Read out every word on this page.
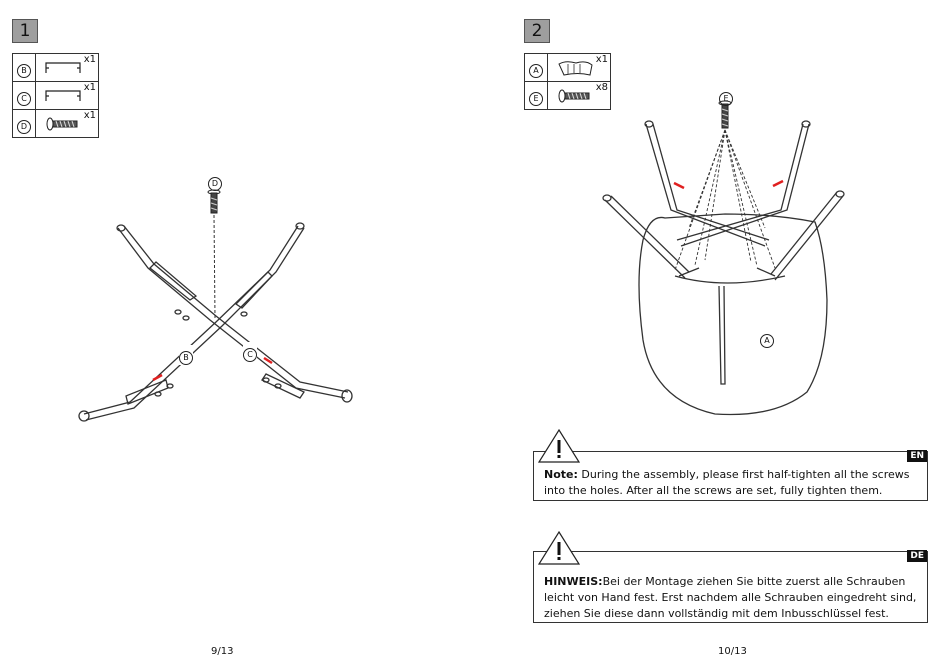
1
B	x1

C	x1

D	x1
D
B	C
9/13
2
A	x1

E	x8
E
A
EN
Note: During the assembly, please first half-tighten all the screws into the holes. After all the screws are set, fully tighten them.
DE
HINWEIS:Bei der Montage ziehen Sie bitte zuerst alle Schrauben leicht von Hand fest. Erst nachdem alle Schrauben eingedreht sind, ziehen Sie diese dann vollständig mit dem Inbusschlüssel fest.
10/13
